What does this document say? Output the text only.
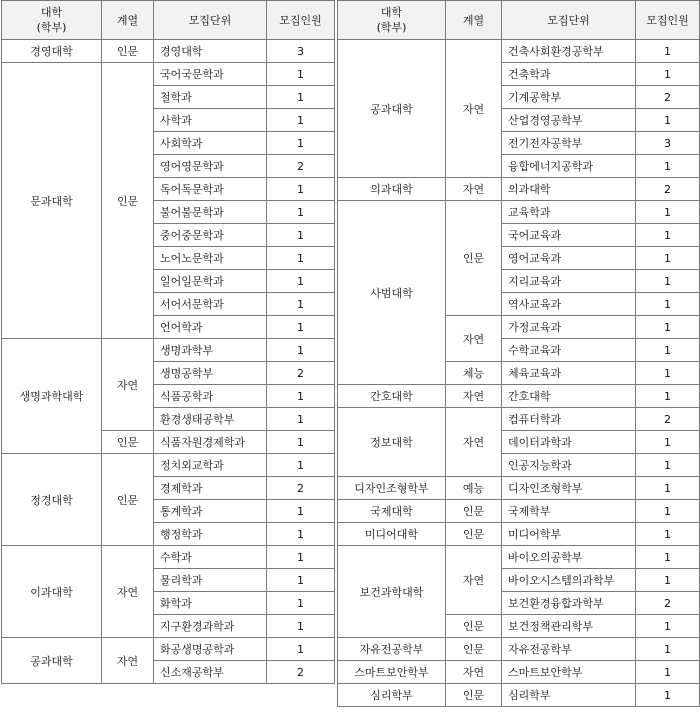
대학
(학부)	계열	모집단위	모집인원
경영대학	인문	경영대학	3
문과대학	인문	국어국문학과	1
		철학과	1
		사학과	1
		사회학과	1
		영어영문학과	2
		독어독문학과	1
		불어불문학과	1
		중어중문학과	1
		노어노문학과	1
		일어일문학과	1
		서어서문학과	1
		언어학과	1
생명과학대학	자연	생명과학부	1
		생명공학부	2
		식품공학과	1
		환경생태공학부	1
	인문	식품자원경제학과	1
정경대학	인문	정치외교학과	1
		경제학과	2
		통계학과	1
		행정학과	1
이과대학	자연	수학과	1
		물리학과	1
		화학과	1
		지구환경과학과	1
공과대학	자연	화공생명공학과	1
		신소재공학부	2
대학
(학부)	계열	모집단위	모집인원
공과대학	자연	건축사회환경공학부	1
		건축학과	1
		기계공학부	2
		산업경영공학부	1
		전기전자공학부	3
		융합에너지공학과	1
의과대학	자연	의과대학	2
사범대학	인문	교육학과	1
		국어교육과	1
		영어교육과	1
		지리교육과	1
		역사교육과	1
	자연	가정교육과	1
		수학교육과	1
	체능	체육교육과	1
간호대학	자연	간호대학	1
정보대학	자연	컴퓨터학과	2
		데이터과학과	1
		인공지능학과	1
디자인조형학부	예능	디자인조형학부	1
국제대학	인문	국제학부	1
미디어대학	인문	미디어학부	1
보건과학대학	자연	바이오의공학부	1
		바이오시스템의과학부	1
		보건환경융합과학부	2
	인문	보건정책관리학부	1
자유전공학부	인문	자유전공학부	1
스마트보안학부	자연	스마트보안학부	1
심리학부	인문	심리학부	1
